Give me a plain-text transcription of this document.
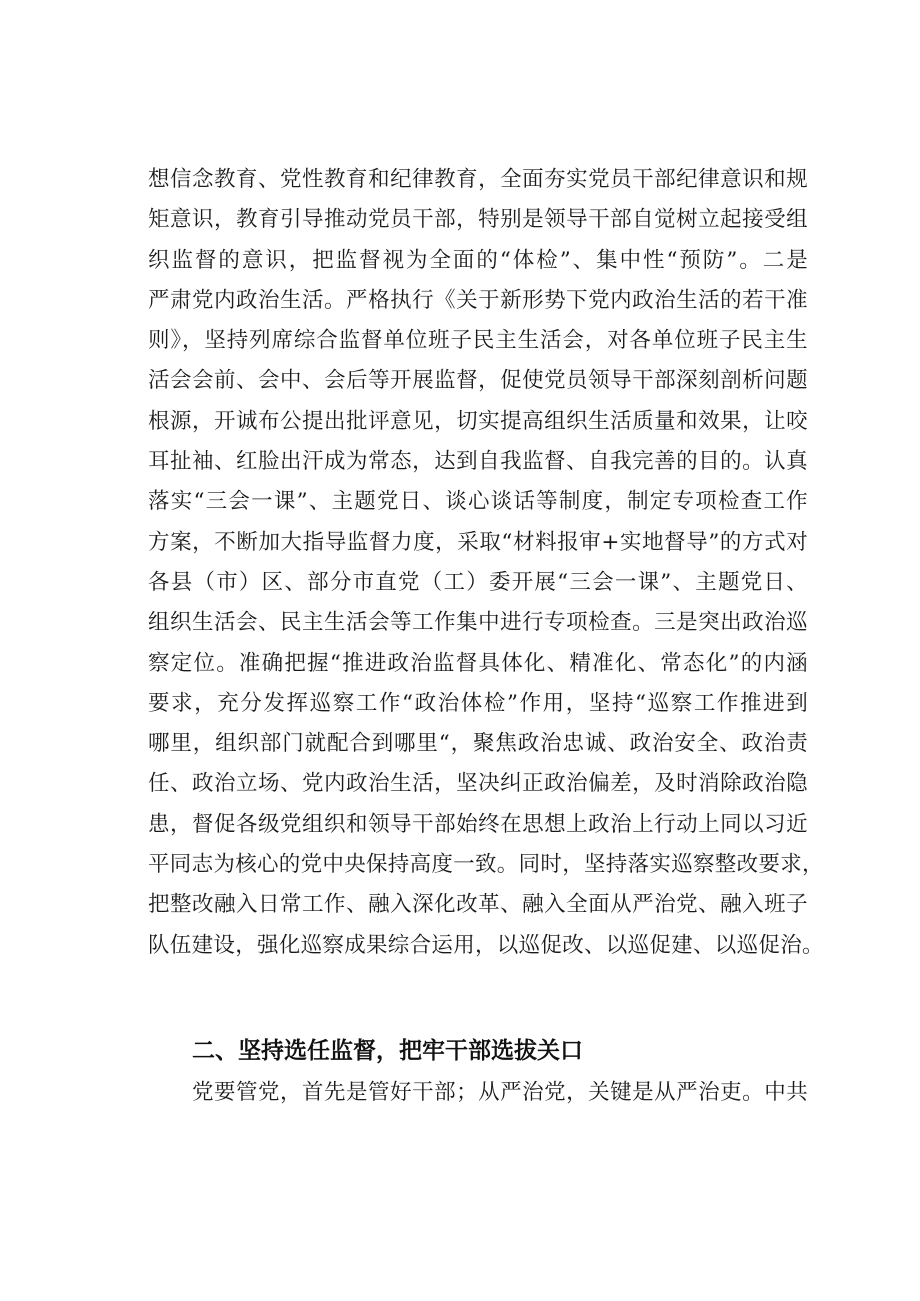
想信念教育、党性教育和纪律教育，全面夯实党员干部纪律意识和规
矩意识，教育引导推动党员干部，特别是领导干部自觉树立起接受组
织监督的意识，把监督视为全面的“体检”、集中性“预防”。二是
严肃党内政治生活。严格执行《关于新形势下党内政治生活的若干准
则》，坚持列席综合监督单位班子民主生活会，对各单位班子民主生
活会会前、会中、会后等开展监督，促使党员领导干部深刻剖析问题
根源，开诚布公提出批评意见，切实提高组织生活质量和效果，让咬
耳扯袖、红脸出汗成为常态，达到自我监督、自我完善的目的。认真
落实“三会一课”、主题党日、谈心谈话等制度，制定专项检查工作
方案，不断加大指导监督力度，采取“材料报审+实地督导”的方式对
各县（市）区、部分市直党（工）委开展“三会一课”、主题党日、
组织生活会、民主生活会等工作集中进行专项检查。三是突出政治巡
察定位。准确把握“推进政治监督具体化、精准化、常态化”的内涵
要求，充分发挥巡察工作“政治体检”作用，坚持“巡察工作推进到
哪里，组织部门就配合到哪里“，聚焦政治忠诚、政治安全、政治责
任、政治立场、党内政治生活，坚决纠正政治偏差，及时消除政治隐
患，督促各级党组织和领导干部始终在思想上政治上行动上同以习近
平同志为核心的党中央保持高度一致。同时，坚持落实巡察整改要求，
把整改融入日常工作、融入深化改革、融入全面从严治党、融入班子
队伍建设，强化巡察成果综合运用，以巡促改、以巡促建、以巡促治。
二、坚持选任监督，把牢干部选拔关口
党要管党，首先是管好干部；从严治党，关键是从严治吏。中共
